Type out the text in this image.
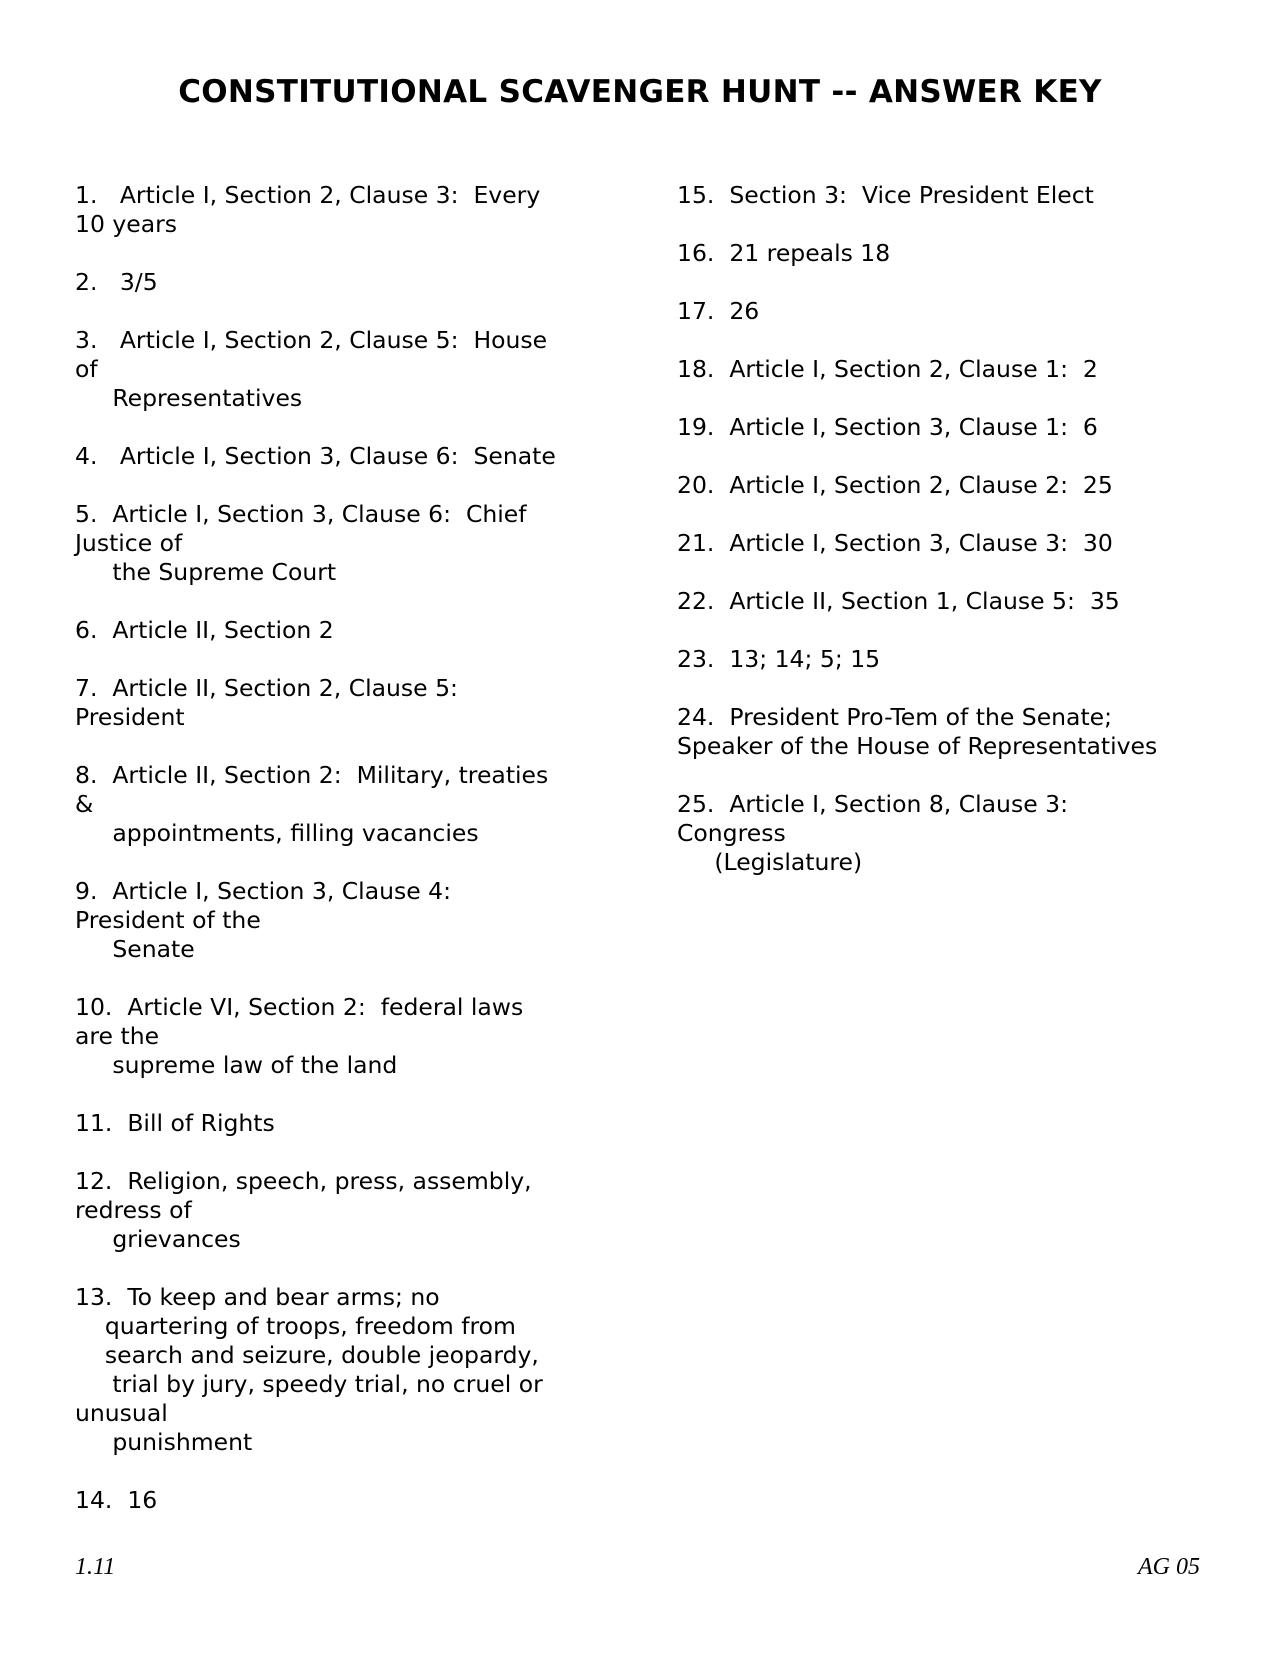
CONSTITUTIONAL SCAVENGER HUNT -- ANSWER KEY
1.   Article I, Section 2, Clause 3:  Every
10 years
2.   3/5
3.   Article I, Section 2, Clause 5:  House
of
Representatives
4.   Article I, Section 3, Clause 6:  Senate
5.  Article I, Section 3, Clause 6:  Chief
Justice of
the Supreme Court
6.  Article II, Section 2
7.  Article II, Section 2, Clause 5:
President
8.  Article II, Section 2:  Military, treaties
&
appointments, filling vacancies
9.  Article I, Section 3, Clause 4:
President of the
Senate
10.  Article VI, Section 2:  federal laws
are the
supreme law of the land
11.  Bill of Rights
12.  Religion, speech, press, assembly,
redress of
grievances
13.  To keep and bear arms; no
quartering of troops, freedom from
search and seizure, double jeopardy,
trial by jury, speedy trial, no cruel or
unusual
punishment
14.  16
15.  Section 3:  Vice President Elect
16.  21 repeals 18
17.  26
18.  Article I, Section 2, Clause 1:  2
19.  Article I, Section 3, Clause 1:  6
20.  Article I, Section 2, Clause 2:  25
21.  Article I, Section 3, Clause 3:  30
22.  Article II, Section 1, Clause 5:  35
23.  13; 14; 5; 15
24.  President Pro-Tem of the Senate;
Speaker of the House of Representatives
25.  Article I, Section 8, Clause 3:
Congress
(Legislature)
1.11	AG 05
